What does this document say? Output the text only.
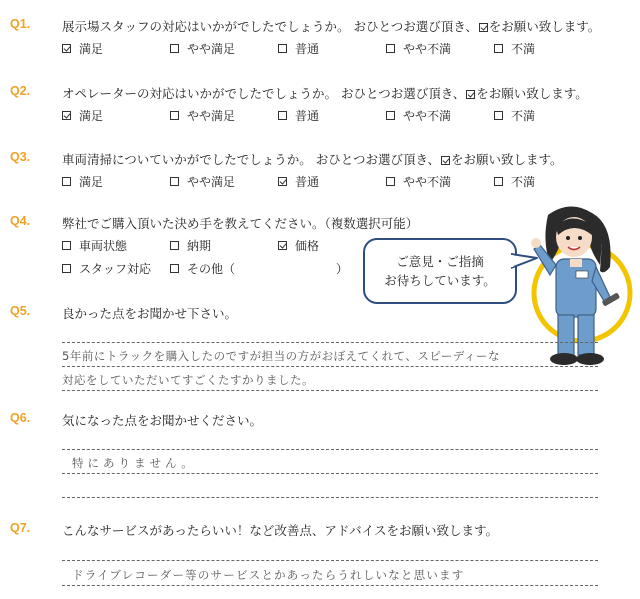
Q1.	展示場スタッフの対応はいかがでしたでしょうか。 おひとつお選び頂き、 をお願い致します。
満足	やや満足	普通	やや不満	不満
Q2.	オペレーターの対応はいかがでしたでしょうか。 おひとつお選び頂き、 をお願い致します。
満足	やや満足	普通	やや不満	不満
Q3.	車両清掃についていかがでしたでしょうか。 おひとつお選び頂き、 をお願い致します。
満足	やや満足	普通	やや不満	不満
Q4.	弊社でご購入頂いた決め手を教えてください。（複数選択可能）
車両状態	納期	価格
スタッフ対応	その他（	）	ご意見・ご指摘
お待ちしています。
Q5.	良かった点をお聞かせ下さい。
5年前にトラックを購入したのですが担当の方がおぼえてくれて、スピーディーな
対応をしていただいてすごくたすかりました。
Q6.	気になった点をお聞かせください。
特にありません。
Q7.	こんなサービスがあったらいい！など改善点、アドバイスをお願い致します。
ドライブレコーダー等のサービスとかあったらうれしいなと思います
